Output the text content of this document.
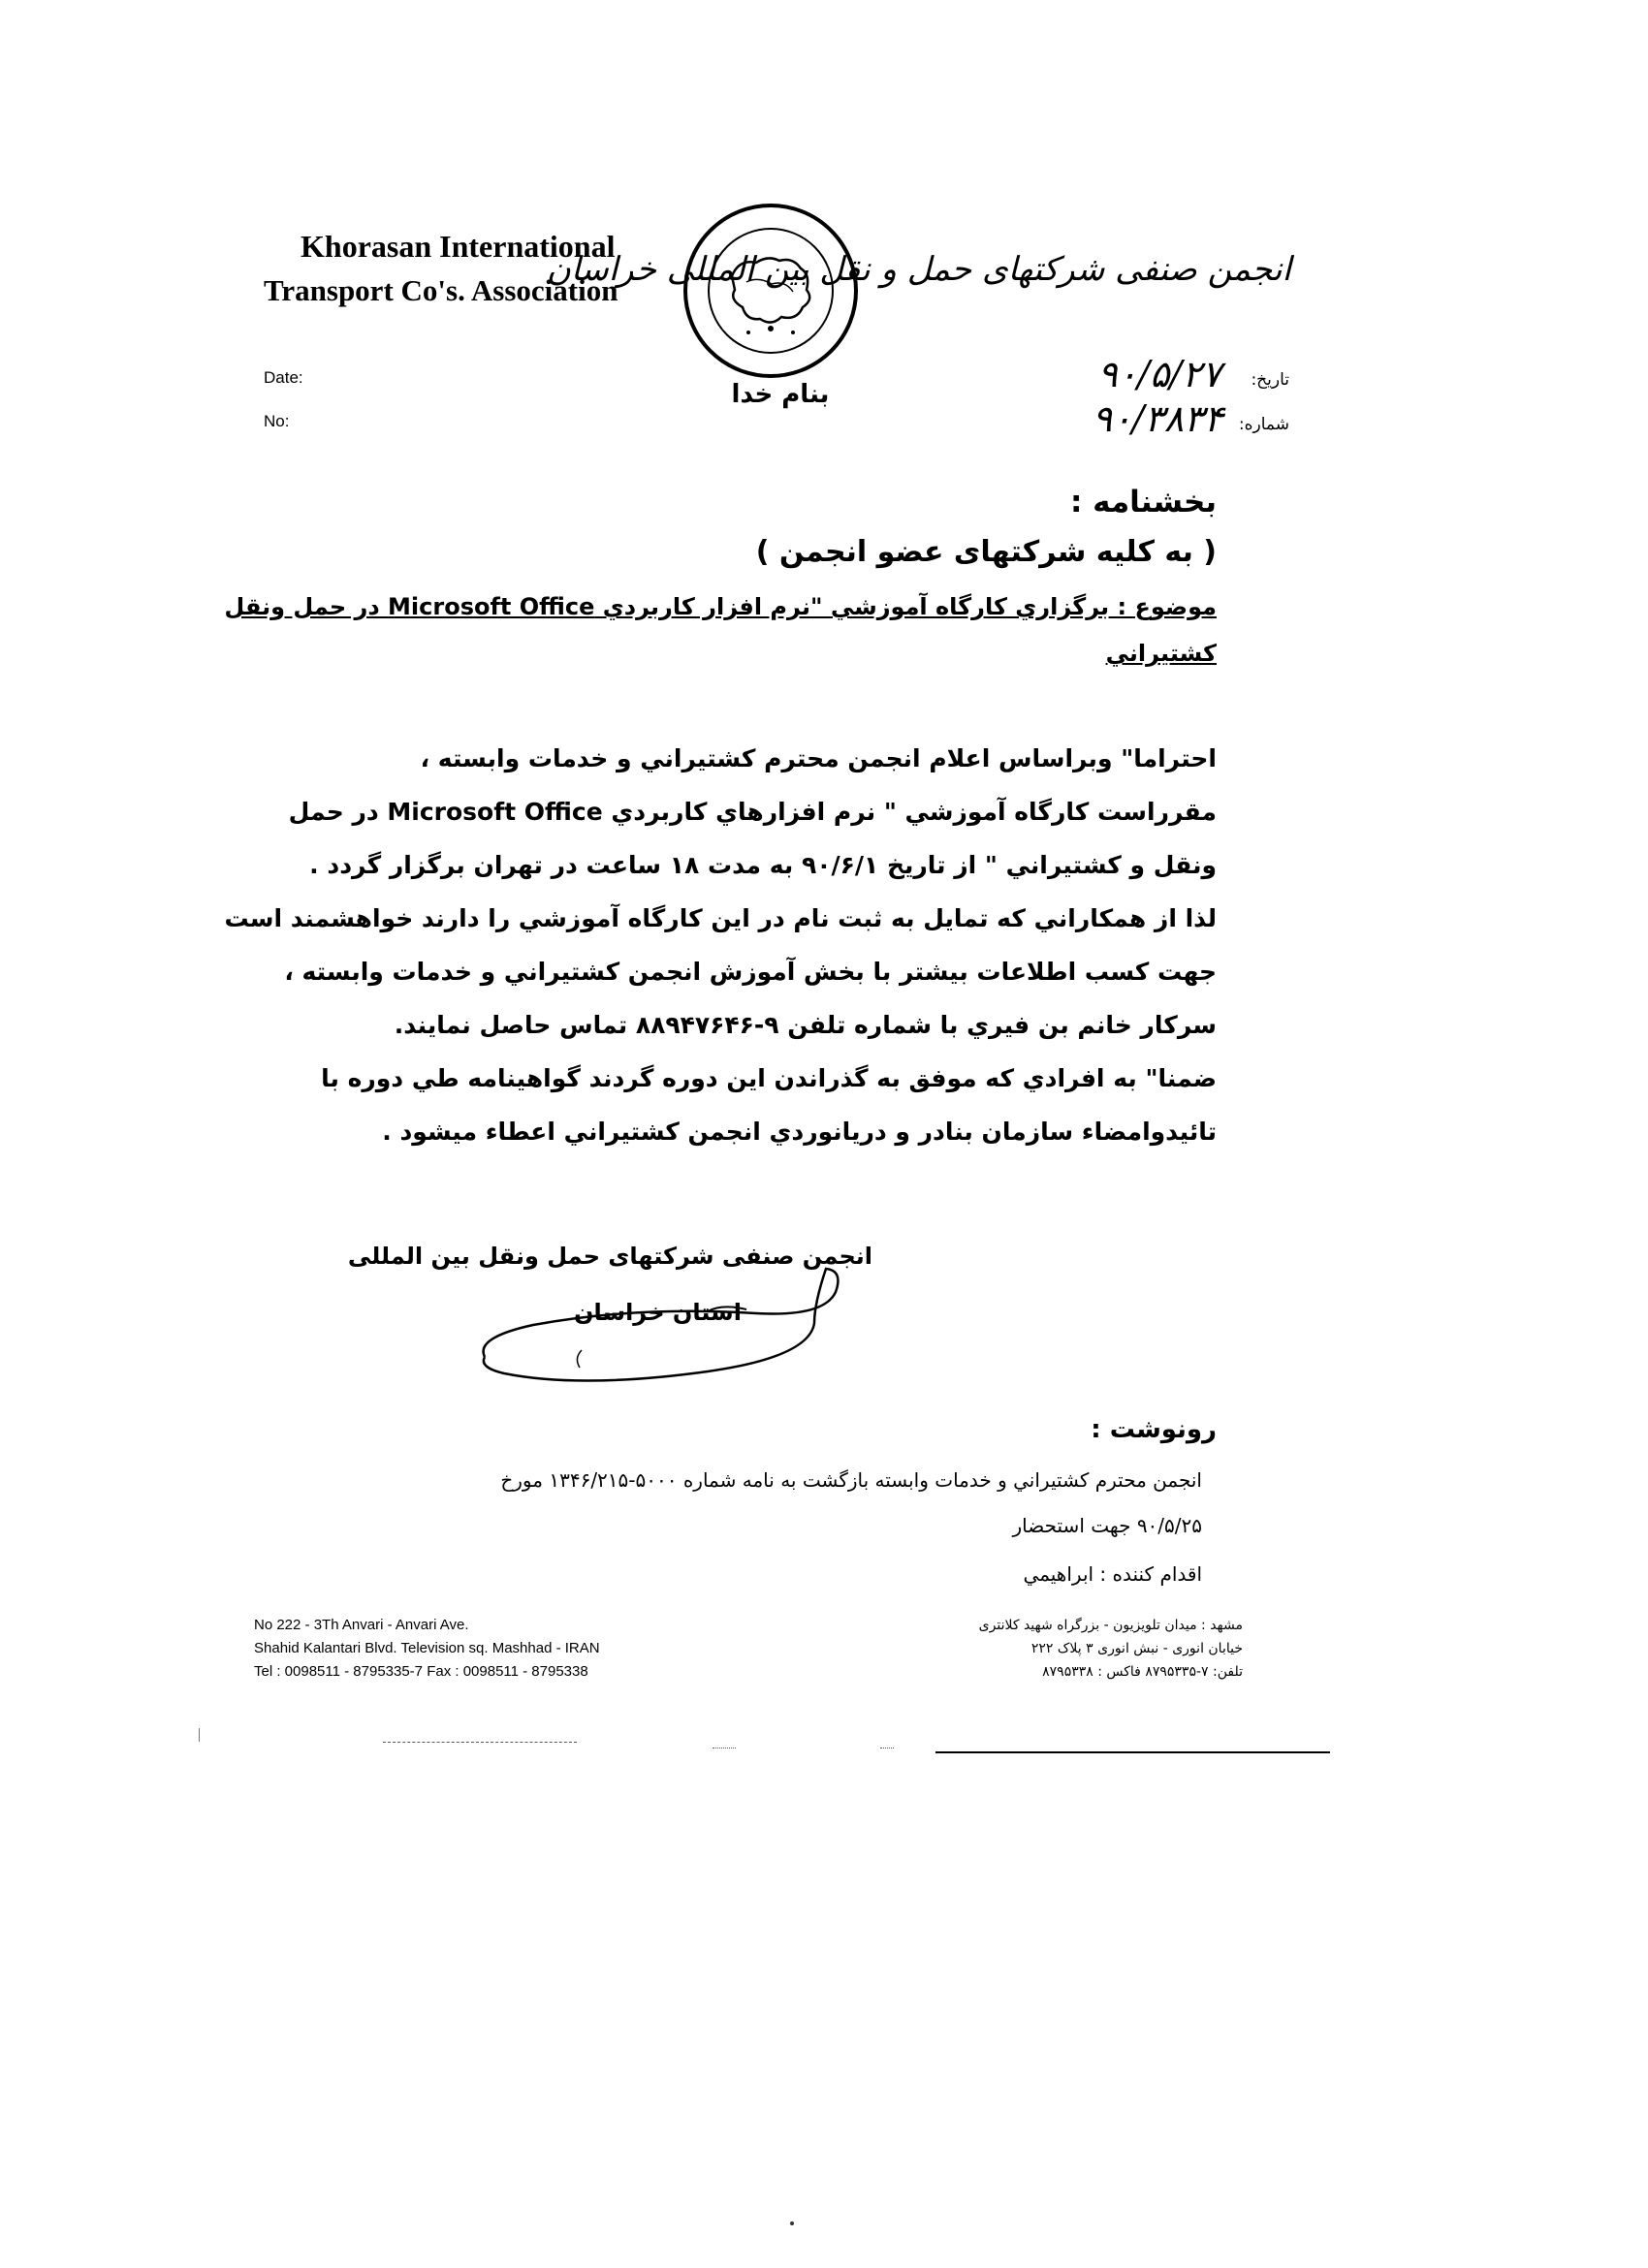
Khorasan International
Transport Co's. Association
انجمن صنفی شرکتهای حمل و نقل بین المللی خراسان
بنام خدا
Date:
No:
تاریخ:
۹۰/۵/۲۷
شماره:
۹۰/۳۸۳۴
بخشنامه :
( به کلیه شرکتهای عضو انجمن )
موضوع : برگزاري كارگاه آموزشي "نرم افزار كاربردي Microsoft Office در حمل ونقل
كشتيراني
احتراما" وبراساس اعلام انجمن محترم كشتيراني و خدمات وابسته ،
مقرراست كارگاه آموزشي " نرم افزارهاي كاربردي Microsoft Office در حمل
ونقل و كشتيراني " از تاريخ ۹۰/۶/۱ به مدت ۱۸ ساعت در تهران برگزار گردد .
لذا از همكاراني كه تمايل به ثبت نام در اين كارگاه آموزشي را دارند خواهشمند است
جهت كسب اطلاعات بيشتر با بخش آموزش انجمن كشتيراني و خدمات وابسته ،
سركار خانم بن فيري با شماره تلفن ۹-۸۸۹۴۷۶۴۶ تماس حاصل نمايند.
ضمنا" به افرادي كه موفق به گذراندن اين دوره گردند گواهينامه طي دوره با
تائيدوامضاء سازمان بنادر و دريانوردي انجمن كشتيراني اعطاء ميشود .
انجمن صنفی شرکتهای حمل ونقل بین المللی
استان خراسان
رونوشت :
انجمن محترم كشتيراني و خدمات وابسته بازگشت به نامه شماره ۵۰۰۰-۱۳۴۶/۲۱۵ مورخ
۹۰/۵/۲۵ جهت استحضار
اقدام كننده : ابراهيمي
No 222 - 3Th Anvari - Anvari Ave.
Shahid Kalantari Blvd. Television sq. Mashhad - IRAN
Tel : 0098511 - 8795335-7 Fax : 0098511 - 8795338
مشهد : میدان تلویزیون - بزرگراه شهید کلانتری
خیابان انوری - نبش انوری ۳ پلاک ۲۲۲
تلفن: ۷-۸۷۹۵۳۳۵ فاکس : ۸۷۹۵۳۳۸
